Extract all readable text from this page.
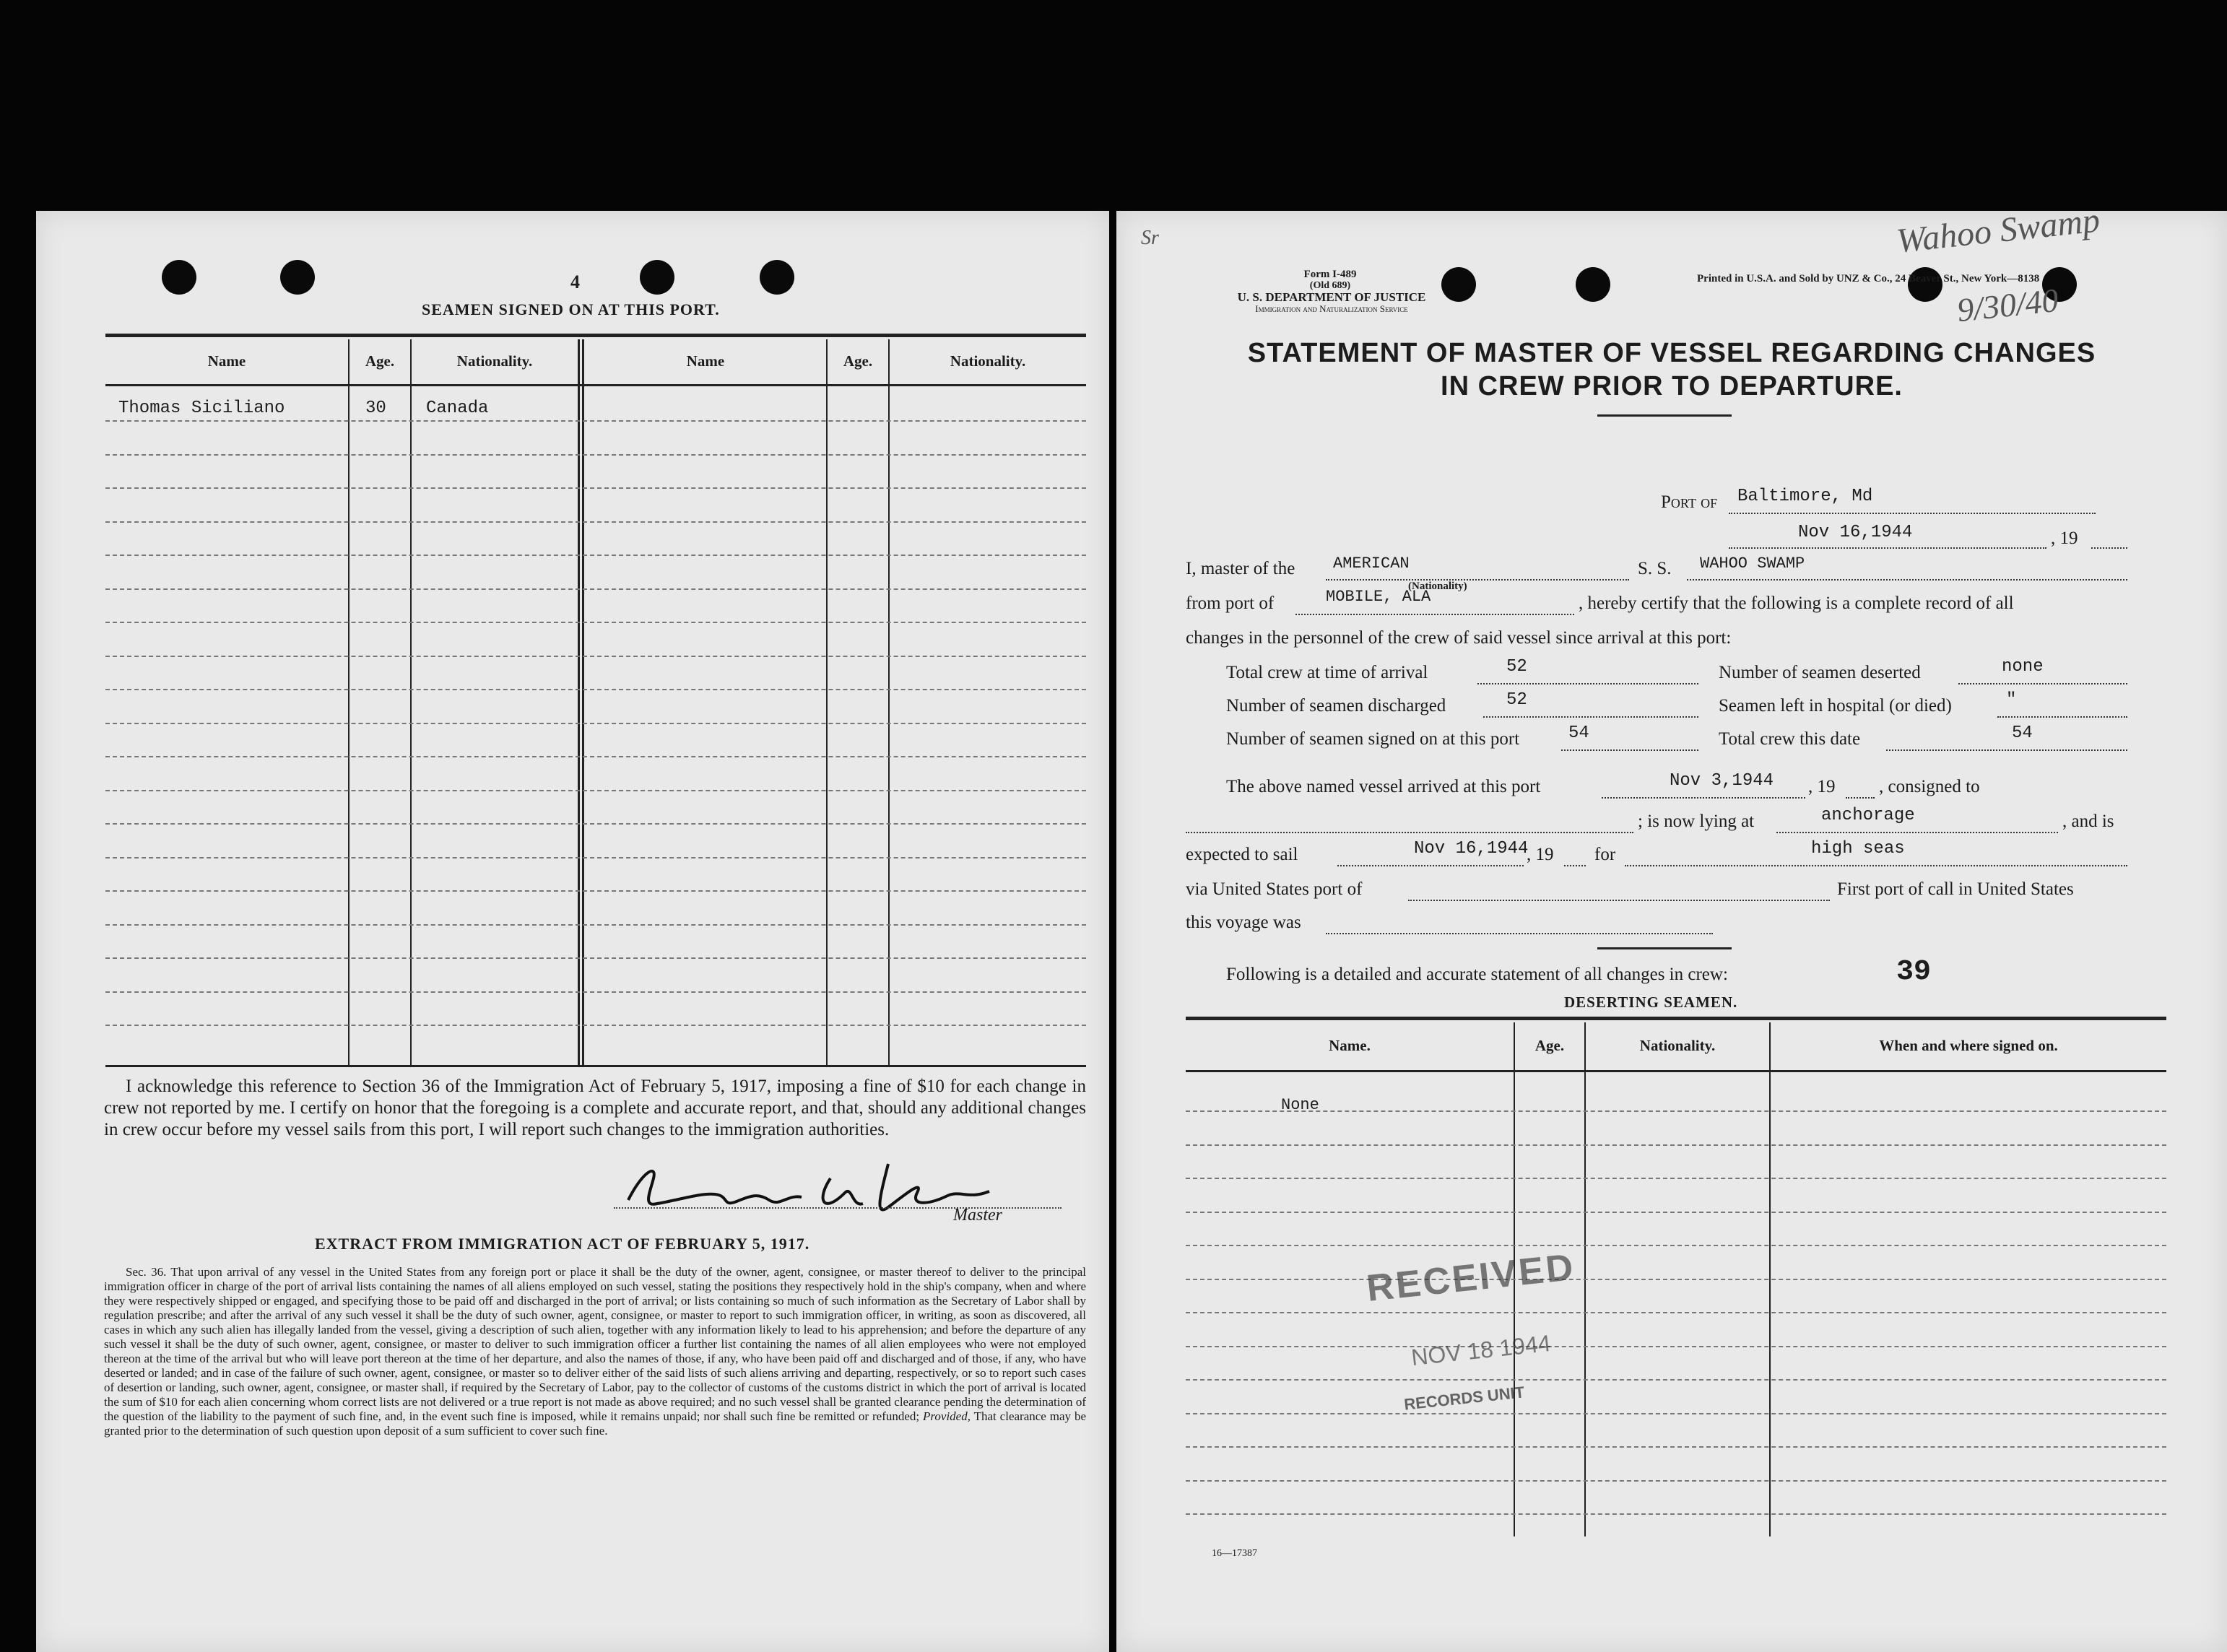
4
SEAMEN SIGNED ON AT THIS PORT.
Name	Age.	Nationality.	Name	Age.	Nationality.
Thomas Siciliano	30 Canada
I acknowledge this reference to Section 36 of the Immigration Act of February 5, 1917, imposing a fine of $10 for each change in crew not reported by me. I certify on honor that the foregoing is a complete and accurate report, and that, should any additional changes in crew occur before my vessel sails from this port, I will report such changes to the immigration authorities.
Master
EXTRACT FROM IMMIGRATION ACT OF FEBRUARY 5, 1917.
Sec. 36. That upon arrival of any vessel in the United States from any foreign port or place it shall be the duty of the owner, agent, consignee, or master thereof to deliver to the principal immigration officer in charge of the port of arrival lists containing the names of all aliens employed on such vessel, stating the positions they respectively hold in the ship's company, when and where they were respectively shipped or engaged, and specifying those to be paid off and discharged in the port of arrival; or lists containing so much of such information as the Secretary of Labor shall by regulation prescribe; and after the arrival of any such vessel it shall be the duty of such owner, agent, consignee, or master to report to such immigration officer, in writing, as soon as discovered, all cases in which any such alien has illegally landed from the vessel, giving a description of such alien, together with any information likely to lead to his apprehension; and before the departure of any such vessel it shall be the duty of such owner, agent, consignee, or master to deliver to such immigration officer a further list containing the names of all alien employees who were not employed thereon at the time of the arrival but who will leave port thereon at the time of her departure, and also the names of those, if any, who have been paid off and discharged and of those, if any, who have deserted or landed; and in case of the failure of such owner, agent, consignee, or master so to deliver either of the said lists of such aliens arriving and departing, respectively, or so to report such cases of desertion or landing, such owner, agent, consignee, or master shall, if required by the Secretary of Labor, pay to the collector of customs of the customs district in which the port of arrival is located the sum of $10 for each alien concerning whom correct lists are not delivered or a true report is not made as above required; and no such vessel shall be granted clearance pending the determination of the question of the liability to the payment of such fine, and, in the event such fine is imposed, while it remains unpaid; nor shall such fine be remitted or refunded; Provided, That clearance may be granted prior to the determination of such question upon deposit of a sum sufficient to cover such fine.
Sr
Form I-489
(Old 689)
U. S. DEPARTMENT OF JUSTICE
Immigration and Naturalization Service
Printed in U.S.A. and Sold by UNZ & Co., 24 Beaver St., New York—8138
Wahoo Swamp
9/30/40
STATEMENT OF MASTER OF VESSEL REGARDING CHANGES
IN CREW PRIOR TO DEPARTURE.
Port of Baltimore, Md
Nov 16,1944	, 19
I, master of the AMERICAN
(Nationality)
S. S. WAHOO SWAMP
from port of	MOBILE, ALA	, hereby certify that the following is a complete record of all
changes in the personnel of the crew of said vessel since arrival at this port:
Total crew at time of arrival	52	Number of seamen deserted	none
Number of seamen discharged	52	Seamen left in hospital (or died)	"
Number of seamen signed on at this port	54	Total crew this date	54
The above named vessel arrived at this port	Nov 3,1944 , 19 , consigned to
; is now lying at	anchorage	, and is
expected to sail	Nov 16,1944
, 19 for	high seas
via United States port of	First port of call in United States
this voyage was
Following is a detailed and accurate statement of all changes in crew:	39
DESERTING SEAMEN.
Name.	Age.	Nationality.	When and where signed on.
None
RECEIVED
NOV 18 1944
RECORDS UNIT
16—17387
